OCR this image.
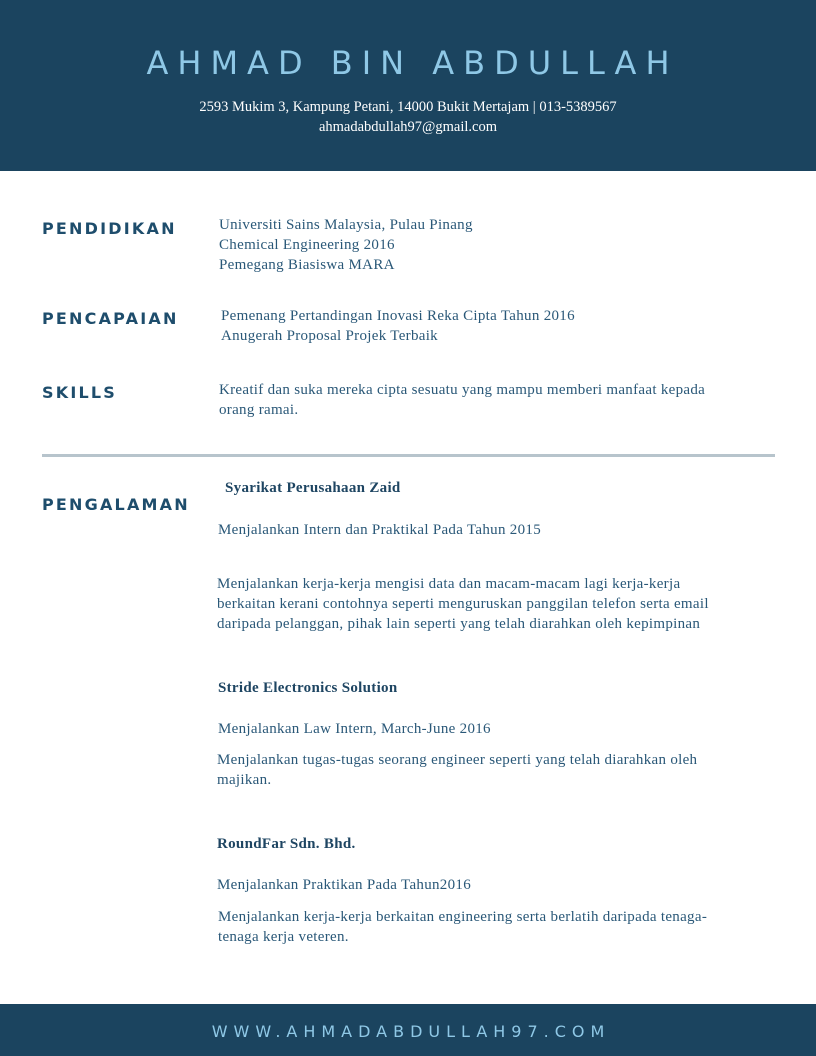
AHMAD BIN ABDULLAH
2593 Mukim 3, Kampung Petani, 14000 Bukit Mertajam | 013-5389567
ahmadabdullah97@gmail.com
PENDIDIKAN	Universiti Sains Malaysia, Pulau Pinang
Chemical Engineering 2016
Pemegang Biasiswa MARA
PENCAPAIAN	Pemenang Pertandingan Inovasi Reka Cipta Tahun 2016
Anugerah Proposal Projek Terbaik
SKILLS	Kreatif dan suka mereka cipta sesuatu yang mampu memberi manfaat kepada
orang ramai.
PENGALAMAN
Syarikat Perusahaan Zaid
Menjalankan Intern dan Praktikal Pada Tahun 2015
Menjalankan kerja-kerja mengisi data dan macam-macam lagi kerja-kerja
berkaitan kerani contohnya seperti menguruskan panggilan telefon serta email
daripada pelanggan, pihak lain seperti yang telah diarahkan oleh kepimpinan
Stride Electronics Solution
Menjalankan Law Intern, March-June 2016
Menjalankan tugas-tugas seorang engineer seperti yang telah diarahkan oleh
majikan.
RoundFar Sdn. Bhd.
Menjalankan Praktikan Pada Tahun2016
Menjalankan kerja-kerja berkaitan engineering serta berlatih daripada tenaga-
tenaga kerja veteren.
WWW.AHMADABDULLAH97.COM
